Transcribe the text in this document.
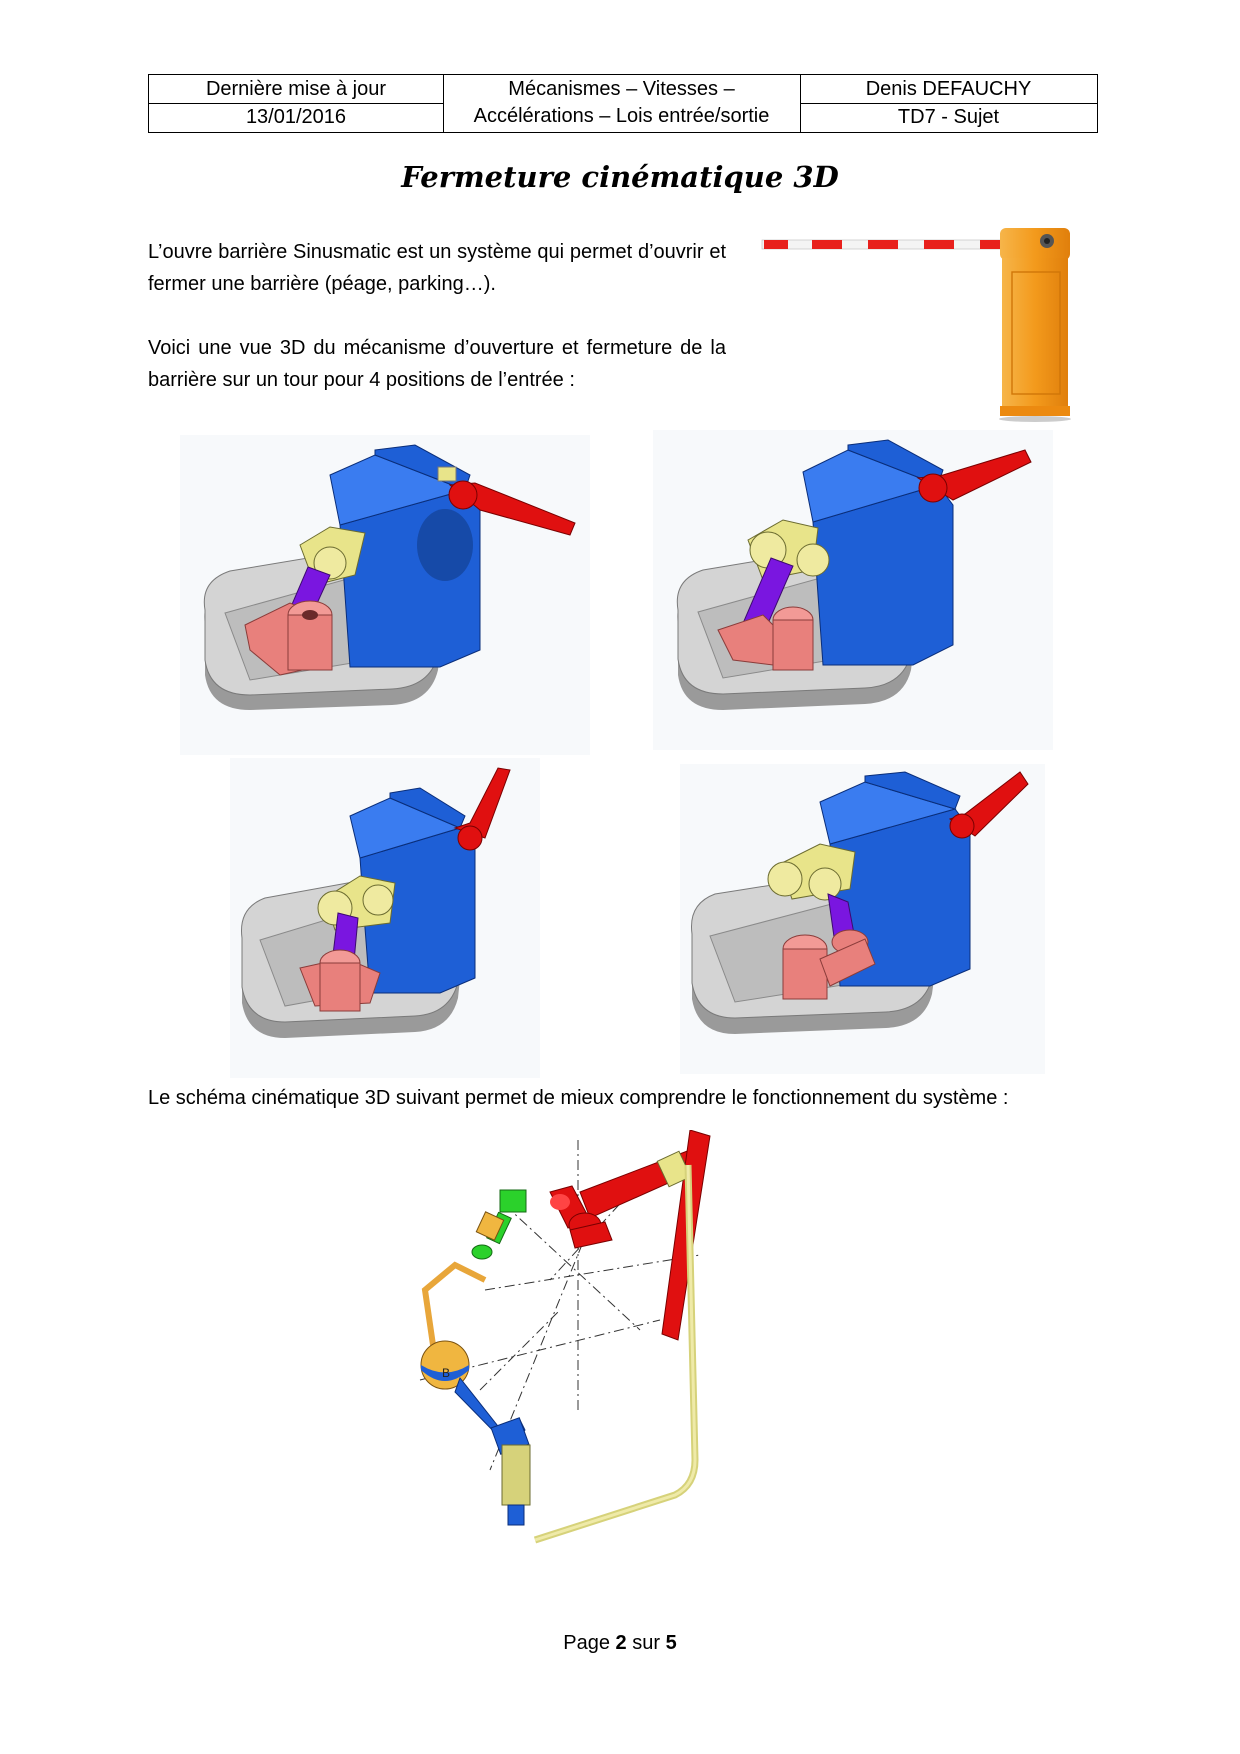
Dernière mise à jour
13/01/2016
Mécanismes – Vitesses –
Accélérations – Lois entrée/sortie
Denis DEFAUCHY
TD7 - Sujet
Fermeture cinématique 3D

L’ouvre barrière Sinusmatic est un système qui permet d’ouvrir et fermer une barrière (péage, parking…).

Voici une vue 3D du mécanisme d’ouverture et fermeture de la barrière sur un tour pour 4 positions de l’entrée :

Le schéma cinématique 3D suivant permet de mieux comprendre le fonctionnement du système :

B
Page 2 sur 5
